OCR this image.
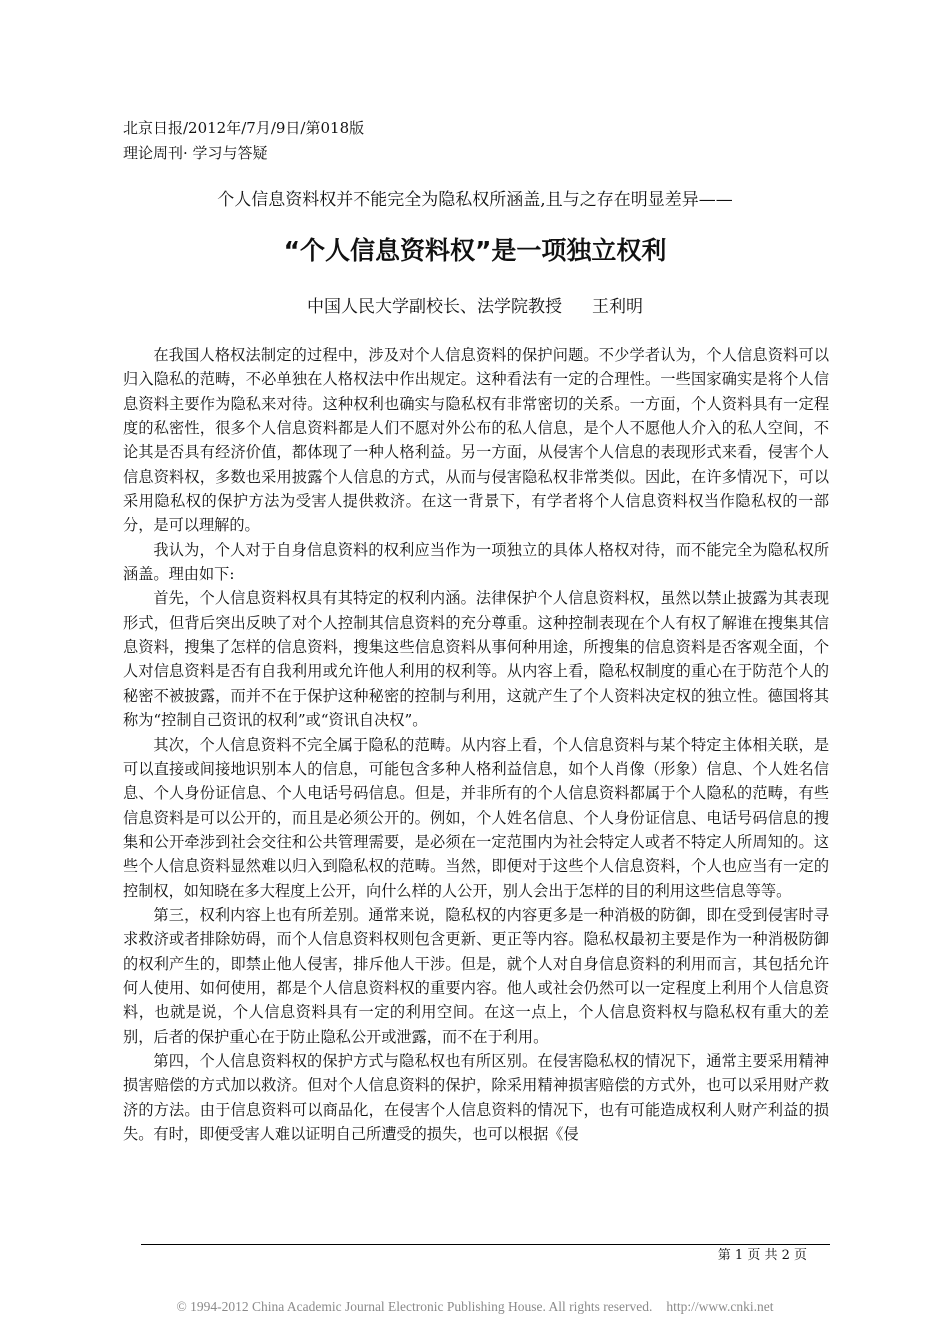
北京日报/2012年/7月/9日/第018版
理论周刊· 学习与答疑
个人信息资料权并不能完全为隐私权所涵盖,且与之存在明显差异——
“个人信息资料权”是一项独立权利
中国人民大学副校长、法学院教授 王利明

在我国人格权法制定的过程中，涉及对个人信息资料的保护问题。不少学者认为，个人信息资料可以归入隐私的范畴，不必单独在人格权法中作出规定。这种看法有一定的合理性。一些国家确实是将个人信息资料主要作为隐私来对待。这种权利也确实与隐私权有非常密切的关系。一方面，个人资料具有一定程度的私密性，很多个人信息资料都是人们不愿对外公布的私人信息，是个人不愿他人介入的私人空间，不论其是否具有经济价值，都体现了一种人格利益。另一方面，从侵害个人信息的表现形式来看，侵害个人信息资料权，多数也采用披露个人信息的方式，从而与侵害隐私权非常类似。因此，在许多情况下，可以采用隐私权的保护方法为受害人提供救济。在这一背景下，有学者将个人信息资料权当作隐私权的一部分，是可以理解的。

我认为，个人对于自身信息资料的权利应当作为一项独立的具体人格权对待，而不能完全为隐私权所涵盖。理由如下:

首先，个人信息资料权具有其特定的权利内涵。法律保护个人信息资料权，虽然以禁止披露为其表现形式，但背后突出反映了对个人控制其信息资料的充分尊重。这种控制表现在个人有权了解谁在搜集其信息资料，搜集了怎样的信息资料，搜集这些信息资料从事何种用途，所搜集的信息资料是否客观全面，个人对信息资料是否有自我利用或允许他人利用的权利等。从内容上看，隐私权制度的重心在于防范个人的秘密不被披露，而并不在于保护这种秘密的控制与利用，这就产生了个人资料决定权的独立性。德国将其称为“控制自己资讯的权利”或“资讯自决权”。

其次，个人信息资料不完全属于隐私的范畴。从内容上看，个人信息资料与某个特定主体相关联，是可以直接或间接地识别本人的信息，可能包含多种人格利益信息，如个人肖像（形象）信息、个人姓名信息、个人身份证信息、个人电话号码信息。但是，并非所有的个人信息资料都属于个人隐私的范畴，有些信息资料是可以公开的，而且是必须公开的。例如，个人姓名信息、个人身份证信息、电话号码信息的搜集和公开牵涉到社会交往和公共管理需要，是必须在一定范围内为社会特定人或者不特定人所周知的。这些个人信息资料显然难以归入到隐私权的范畴。当然，即便对于这些个人信息资料，个人也应当有一定的控制权，如知晓在多大程度上公开，向什么样的人公开，别人会出于怎样的目的利用这些信息等等。

第三，权利内容上也有所差别。通常来说，隐私权的内容更多是一种消极的防御，即在受到侵害时寻求救济或者排除妨碍，而个人信息资料权则包含更新、更正等内容。隐私权最初主要是作为一种消极防御的权利产生的，即禁止他人侵害，排斥他人干涉。但是，就个人对自身信息资料的利用而言，其包括允许何人使用、如何使用，都是个人信息资料权的重要内容。他人或社会仍然可以一定程度上利用个人信息资料，也就是说，个人信息资料具有一定的利用空间。在这一点上，个人信息资料权与隐私权有重大的差别，后者的保护重心在于防止隐私公开或泄露，而不在于利用。

第四，个人信息资料权的保护方式与隐私权也有所区别。在侵害隐私权的情况下，通常主要采用精神损害赔偿的方式加以救济。但对个人信息资料的保护，除采用精神损害赔偿的方式外，也可以采用财产救济的方法。由于信息资料可以商品化，在侵害个人信息资料的情况下，也有可能造成权利人财产利益的损失。有时，即便受害人难以证明自己所遭受的损失，也可以根据《侵

第 1 页 共 2 页
© 1994-2012 China Academic Journal Electronic Publishing House. All rights reserved. http://www.cnki.net
